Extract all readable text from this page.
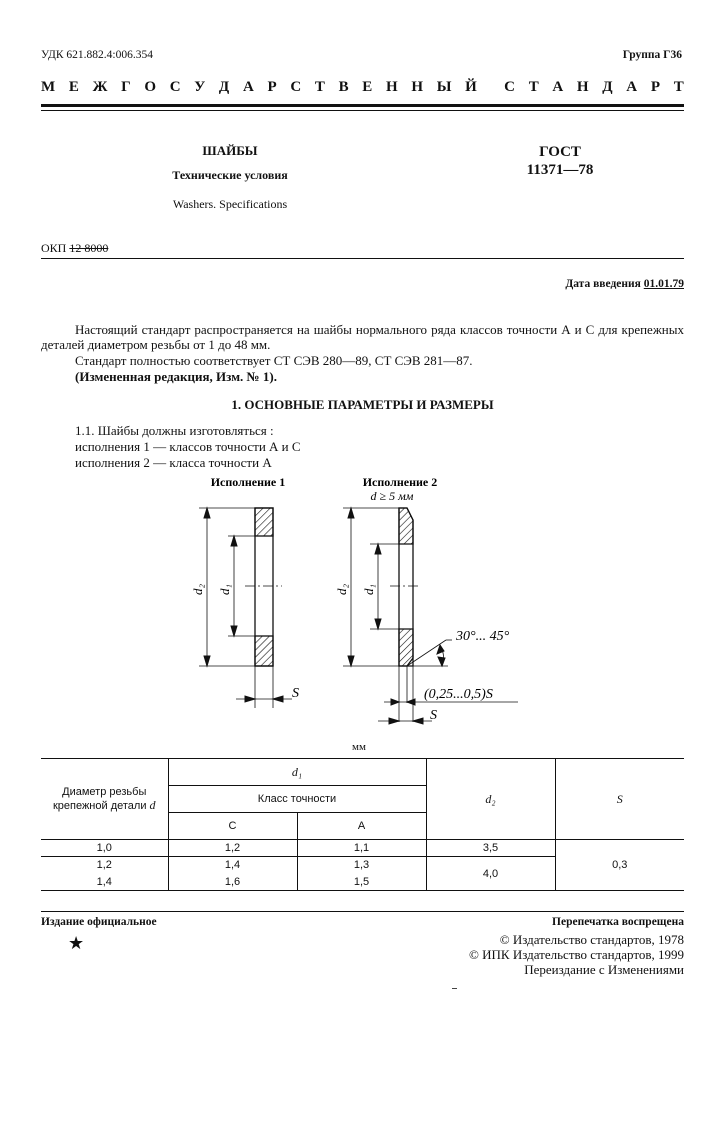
УДК 621.882.4:006.354	Группа Г36
М Е Ж Г О С У Д А Р С Т В Е Н Н Ы Й С Т А Н Д А Р Т
ШАЙБЫ
Технические условия
Washers. Specifications
ГОСТ
11371—78
ОКП 12 8000
Дата введения 01.01.79
Настоящий стандарт распространяется на шайбы нормального ряда классов точности А и С для крепежных деталей диаметром резьбы от 1 до 48 мм.
Стандарт полностью соответствует СТ СЭВ 280—89, СТ СЭВ 281—87.
(Измененная редакция, Изм. № 1).
1. ОСНОВНЫЕ ПАРАМЕТРЫ И РАЗМЕРЫ
1.1. Шайбы должны изготовляться :
исполнения 1 — классов точности А и С
исполнения 2 — класса точности А
Исполнение 1	Исполнение 2
d ≥ 5 мм
d₂ d₁
S
d₂ d₁
30°... 45°
(0,25...0,5)S
S
мм
Диаметр резьбы крепежной детали d	d₁		d₂	S
	Класс точности			
	С	А		
1,0	1,2	1,1	3,5	0,3
1,2	1,4	1,3	4,0	
1,4	1,6	1,5		
Издание официальное
★
Перепечатка воспрещена
© Издательство стандартов, 1978
© ИПК Издательство стандартов, 1999
Переиздание с Изменениями
